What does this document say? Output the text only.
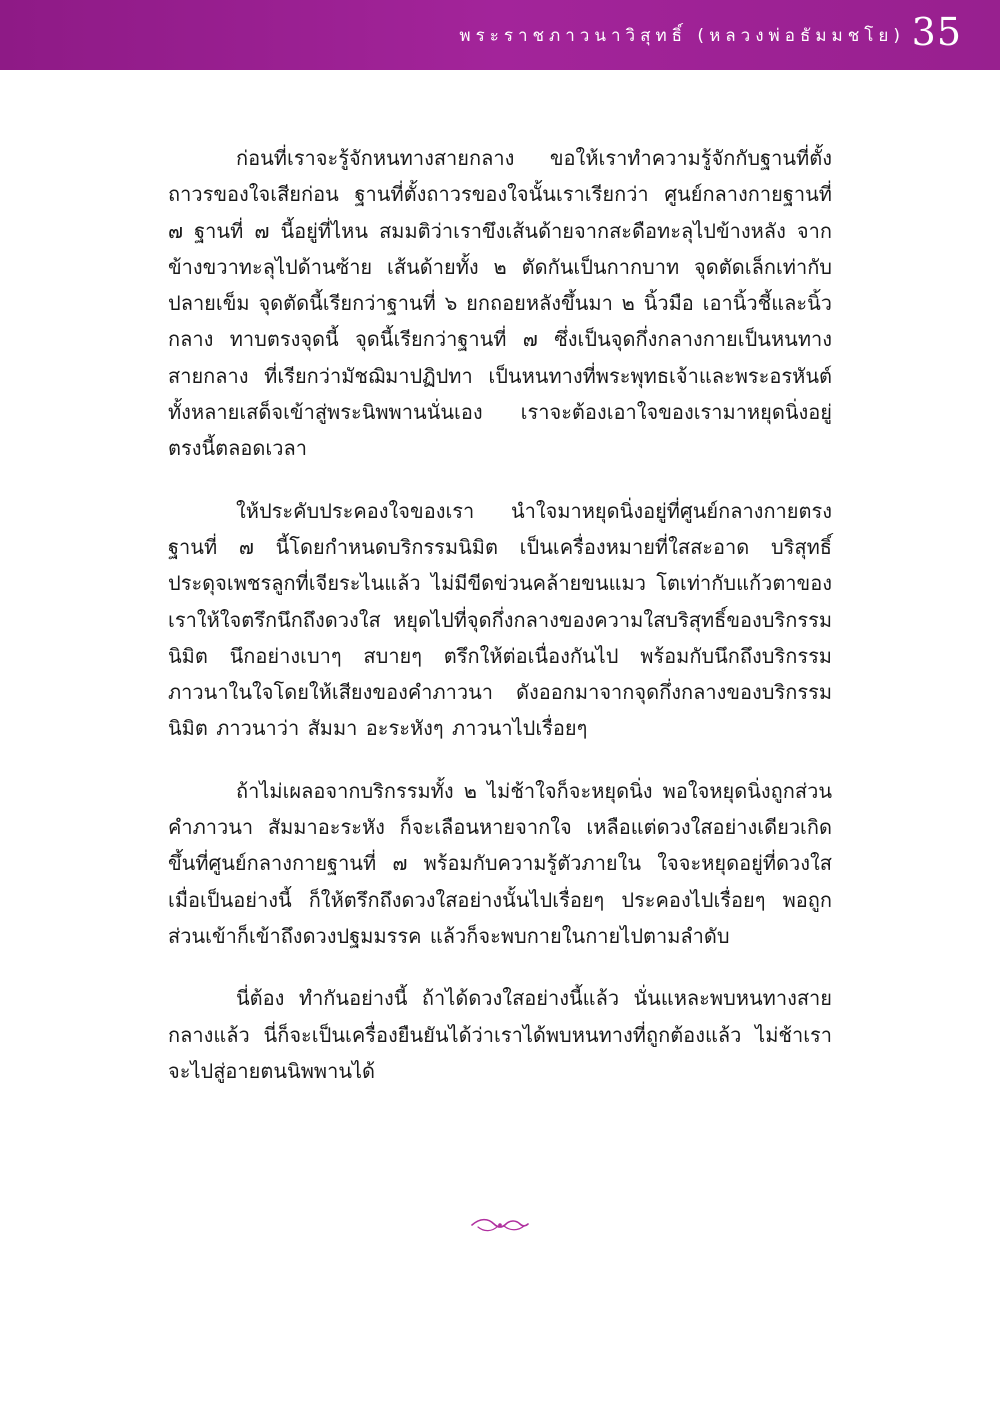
พระราชภาวนาวิสุทธิ์ (หลวงพ่อธัมมชโย) 35

ก่อนที่เราจะรู้จักหนทางสายกลาง ขอให้เราทำความรู้จักกับฐานที่ตั้งถาวรของใจเสียก่อน ฐานที่ตั้งถาวรของใจนั้นเราเรียกว่า ศูนย์กลางกายฐานที่ ๗ ฐานที่ ๗ นี้อยู่ที่ไหน สมมติว่าเราขึงเส้นด้ายจากสะดือทะลุไปข้างหลัง จากข้างขวาทะลุไปด้านซ้าย เส้นด้ายทั้ง ๒ ตัดกันเป็นกากบาท จุดตัดเล็กเท่ากับปลายเข็ม จุดตัดนี้เรียกว่าฐานที่ ๖ ยกถอยหลังขึ้นมา ๒ นิ้วมือ เอานิ้วชี้และนิ้วกลาง ทาบตรงจุดนี้ จุดนี้เรียกว่าฐานที่ ๗ ซึ่งเป็นจุดกึ่งกลางกายเป็นหนทางสายกลาง ที่เรียกว่ามัชฌิมาปฏิปทา เป็นหนทางที่พระพุทธเจ้าและพระอรหันต์ทั้งหลายเสด็จเข้าสู่พระนิพพานนั่นเอง เราจะต้องเอาใจของเรามาหยุดนิ่งอยู่ตรงนี้ตลอดเวลา

ให้ประคับประคองใจของเรา นำใจมาหยุดนิ่งอยู่ที่ศูนย์กลางกายตรงฐานที่ ๗ นี้โดยกำหนดบริกรรมนิมิต เป็นเครื่องหมายที่ใสสะอาด บริสุทธิ์ประดุจเพชรลูกที่เจียระไนแล้ว ไม่มีขีดข่วนคล้ายขนแมว โตเท่ากับแก้วตาของเราให้ใจตรึกนึกถึงดวงใส หยุดไปที่จุดกึ่งกลางของความใสบริสุทธิ์ของบริกรรมนิมิต นึกอย่างเบาๆ สบายๆ ตรึกให้ต่อเนื่องกันไป พร้อมกับนึกถึงบริกรรมภาวนาในใจโดยให้เสียงของคำภาวนา ดังออกมาจากจุดกึ่งกลางของบริกรรมนิมิต ภาวนาว่า สัมมา อะระหังๆ ภาวนาไปเรื่อยๆ

ถ้าไม่เผลอจากบริกรรมทั้ง ๒ ไม่ช้าใจก็จะหยุดนิ่ง พอใจหยุดนิ่งถูกส่วน คำภาวนา สัมมาอะระหัง ก็จะเลือนหายจากใจ เหลือแต่ดวงใสอย่างเดียวเกิดขึ้นที่ศูนย์กลางกายฐานที่ ๗ พร้อมกับความรู้ตัวภายใน ใจจะหยุดอยู่ที่ดวงใส เมื่อเป็นอย่างนี้ ก็ให้ตรึกถึงดวงใสอย่างนั้นไปเรื่อยๆ ประคองไปเรื่อยๆ พอถูกส่วนเข้าก็เข้าถึงดวงปฐมมรรค แล้วก็จะพบกายในกายไปตามลำดับ

นี่ต้อง ทำกันอย่างนี้ ถ้าได้ดวงใสอย่างนี้แล้ว นั่นแหละพบหนทางสายกลางแล้ว นี่ก็จะเป็นเครื่องยืนยันได้ว่าเราได้พบหนทางที่ถูกต้องแล้ว ไม่ช้าเราจะไปสู่อายตนนิพพานได้
